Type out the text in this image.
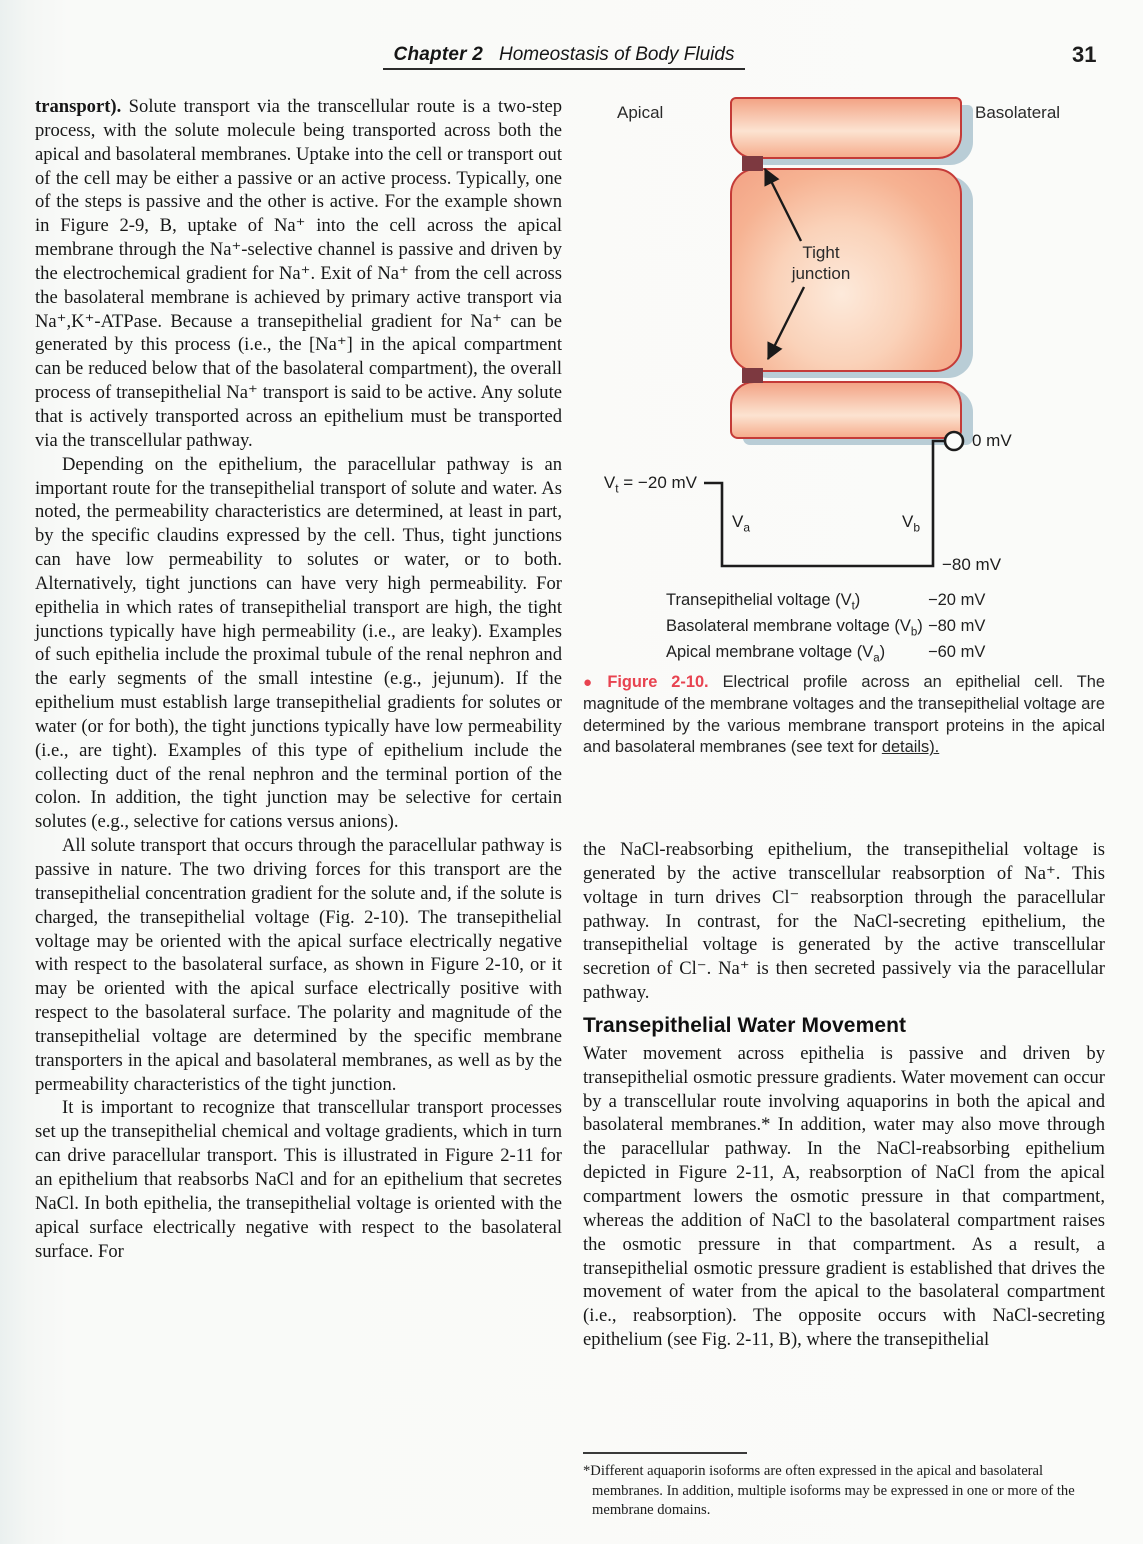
Chapter 2 Homeostasis of Body Fluids	31

transport). Solute transport via the transcellular route is a two-step process, with the solute molecule being transported across both the apical and basolateral membranes. Uptake into the cell or transport out of the cell may be either a passive or an active process. Typically, one of the steps is passive and the other is active. For the example shown in Figure 2-9, B, uptake of Na⁺ into the cell across the apical membrane through the Na⁺-selective channel is passive and driven by the electrochemical gradient for Na⁺. Exit of Na⁺ from the cell across the basolateral membrane is achieved by primary active transport via Na⁺,K⁺-ATPase. Because a transepithelial gradient for Na⁺ can be generated by this process (i.e., the [Na⁺] in the apical compartment can be reduced below that of the basolateral compartment), the overall process of transepithelial Na⁺ transport is said to be active. Any solute that is actively transported across an epithelium must be transported via the transcellular pathway.

Depending on the epithelium, the paracellular pathway is an important route for the transepithelial transport of solute and water. As noted, the permeability characteristics are determined, at least in part, by the specific claudins expressed by the cell. Thus, tight junctions can have low permeability to solutes or water, or to both. Alternatively, tight junctions can have very high permeability. For epithelia in which rates of transepithelial transport are high, the tight junctions typically have high permeability (i.e., are leaky). Examples of such epithelia include the proximal tubule of the renal nephron and the early segments of the small intestine (e.g., jejunum). If the epithelium must establish large transepithelial gradients for solutes or water (or for both), the tight junctions typically have low permeability (i.e., are tight). Examples of this type of epithelium include the collecting duct of the renal nephron and the terminal portion of the colon. In addition, the tight junction may be selective for certain solutes (e.g., selective for cations versus anions).

All solute transport that occurs through the paracellular pathway is passive in nature. The two driving forces for this transport are the transepithelial concentration gradient for the solute and, if the solute is charged, the transepithelial voltage (Fig. 2-10). The transepithelial voltage may be oriented with the apical surface electrically negative with respect to the basolateral surface, as shown in Figure 2-10, or it may be oriented with the apical surface electrically positive with respect to the basolateral surface. The polarity and magnitude of the transepithelial voltage are determined by the specific membrane transporters in the apical and basolateral membranes, as well as by the permeability characteristics of the tight junction.

It is important to recognize that transcellular transport processes set up the transepithelial chemical and voltage gradients, which in turn can drive paracellular transport. This is illustrated in Figure 2-11 for an epithelium that reabsorbs NaCl and for an epithelium that secretes NaCl. In both epithelia, the transepithelial voltage is oriented with the apical surface electrically negative with respect to the basolateral surface. For

Apical	Basolateral
Tight
junction
$V_t = -20$ mV
0 mV
$V_a$	$V_b$
−80 mV
Transepithelial voltage $(V_t)$	−20 mV
Basolateral membrane voltage $(V_b) -80$ mV
Apical membrane voltage $(V_a)$	−60 mV
● Figure 2-10. Electrical profile across an epithelial cell. The magnitude of the membrane voltages and the transepithelial voltage are determined by the various membrane transport proteins in the apical and basolateral membranes (see text for details).

the NaCl-reabsorbing epithelium, the transepithelial voltage is generated by the active transcellular reabsorption of Na⁺. This voltage in turn drives Cl⁻ reabsorption through the paracellular pathway. In contrast, for the NaCl-secreting epithelium, the transepithelial voltage is generated by the active transcellular secretion of Cl⁻. Na⁺ is then secreted passively via the paracellular pathway.

Transepithelial Water Movement

Water movement across epithelia is passive and driven by transepithelial osmotic pressure gradients. Water movement can occur by a transcellular route involving aquaporins in both the apical and basolateral membranes.* In addition, water may also move through the paracellular pathway. In the NaCl-reabsorbing epithelium depicted in Figure 2-11, A, reabsorption of NaCl from the apical compartment lowers the osmotic pressure in that compartment, whereas the addition of NaCl to the basolateral compartment raises the osmotic pressure in that compartment. As a result, a transepithelial osmotic pressure gradient is established that drives the movement of water from the apical to the basolateral compartment (i.e., reabsorption). The opposite occurs with NaCl-secreting epithelium (see Fig. 2-11, B), where the transepithelial

*Different aquaporin isoforms are often expressed in the apical and basolateral membranes. In addition, multiple isoforms may be expressed in one or more of the membrane domains.
